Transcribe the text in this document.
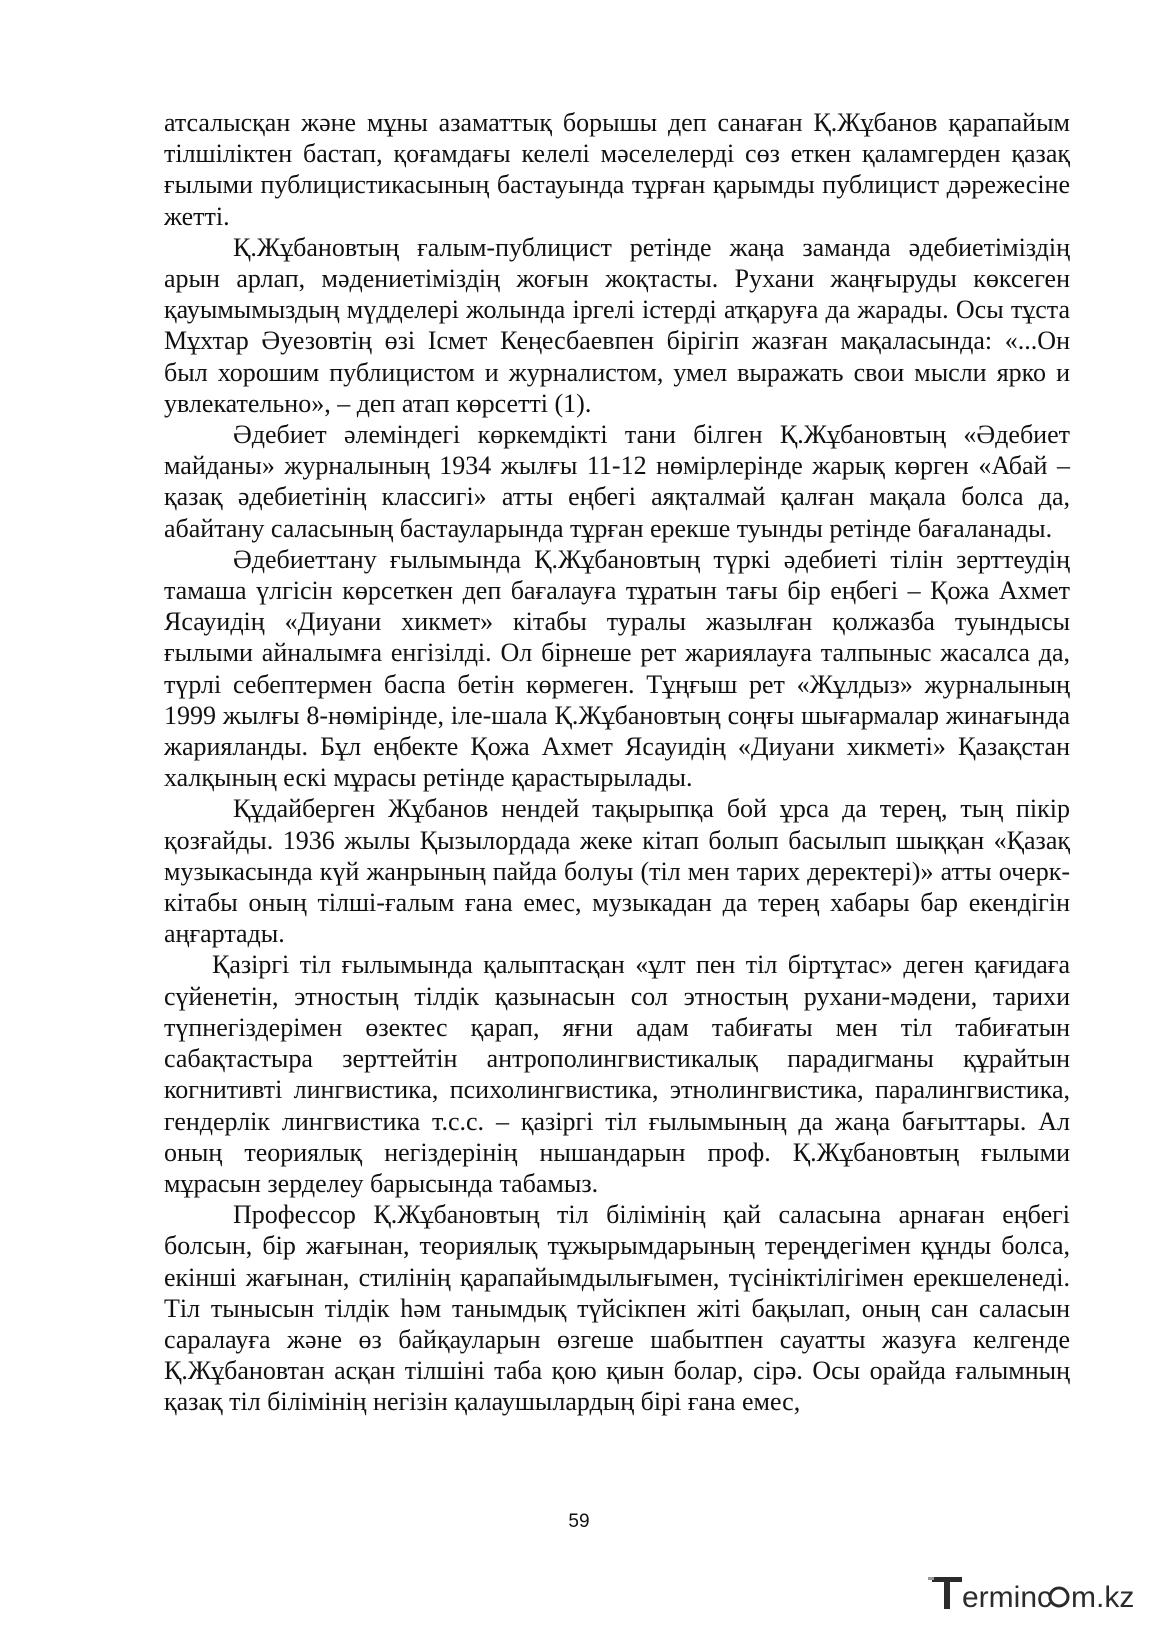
атсалысқан және мұны азаматтық борышы деп санаған Қ.Жұбанов қарапайым тілшіліктен бастап, қоғамдағы келелі мәселелерді сөз еткен қаламгерден қазақ ғылыми публицистикасының бастауында тұрған қарымды публицист дәрежесіне жетті.

Қ.Жұбановтың ғалым-публицист ретінде жаңа заманда әдебиетіміздің арын арлап, мәдениетіміздің жоғын жоқтасты. Рухани жаңғыруды көксеген қауымымыздың мүдделері жолында іргелі істерді атқаруға да жарады. Осы тұста Мұхтар Әуезовтің өзі Ісмет Кеңесбаевпен бірігіп жазған мақаласында: «...Он был хорошим публицистом и журналистом, умел выражать свои мысли ярко и увлекательно», – деп атап көрсетті (1).

Әдебиет әлеміндегі көркемдікті тани білген Қ.Жұбановтың «Әдебиет майданы» журналының 1934 жылғы 11-12 нөмірлерінде жарық көрген «Абай – қазақ әдебиетінің классигі» атты еңбегі аяқталмай қалған мақала болса да, абайтану саласының бастауларында тұрған ерекше туынды ретінде бағаланады.

Әдебиеттану ғылымында Қ.Жұбановтың түркі әдебиеті тілін зерттеудің тамаша үлгісін көрсеткен деп бағалауға тұратын тағы бір еңбегі – Қожа Ахмет Ясауидің «Диуани хикмет» кітабы туралы жазылған қолжазба туындысы ғылыми айналымға енгізілді. Ол бірнеше рет жариялауға талпыныс жасалса да, түрлі себептермен баспа бетін көрмеген. Тұңғыш рет «Жұлдыз» журналының 1999 жылғы 8-нөмірінде, іле-шала Қ.Жұбановтың соңғы шығармалар жинағында жарияланды. Бұл еңбекте Қожа Ахмет Ясауидің «Диуани хикметі» Қазақстан халқының ескі мұрасы ретінде қарастырылады.

Құдайберген Жұбанов нендей тақырыпқа бой ұрса да терең, тың пікір қозғайды. 1936 жылы Қызылордада жеке кітап болып басылып шыққан «Қазақ музыкасында күй жанрының пайда болуы (тіл мен тарих деректері)» атты очерк-кітабы оның тілші-ғалым ғана емес, музыкадан да терең хабары бар екендігін аңғартады.

Қазіргі тіл ғылымында қалыптасқан «ұлт пен тіл біртұтас» деген қағидаға сүйенетін, этностың тілдік қазынасын сол этностың рухани-мәдени, тарихи түпнегіздерімен өзектес қарап, яғни адам табиғаты мен тіл табиғатын сабақтастыра зерттейтін антрополингвистикалық парадигманы құрайтын когнитивті лингвистика, психолингвистика, этнолингвистика, паралингвистика, гендерлік лингвистика т.с.с. – қазіргі тіл ғылымының да жаңа бағыттары. Ал оның теориялық негіздерінің нышандарын проф. Қ.Жұбановтың ғылыми мұрасын зерделеу барысында табамыз.

Профессор Қ.Жұбановтың тіл білімінің қай саласына арнаған еңбегі болсын, бір жағынан, теориялық тұжырымдарының тереңдегімен құнды болса, екінші жағынан, стилінің қарапайымдылығымен, түсініктілігімен ерекшеленеді. Тіл тынысын тілдік һәм танымдық түйсікпен жіті бақылап, оның сан саласын саралауға және өз байқауларын өзгеше шабытпен сауатты жазуға келгенде Қ.Жұбановтан асқан тілшіні таба қою қиын болар, сірә. Осы орайда ғалымның қазақ тіл білімінің негізін қалаушылардың бірі ғана емес,

59
erminc m.kz
